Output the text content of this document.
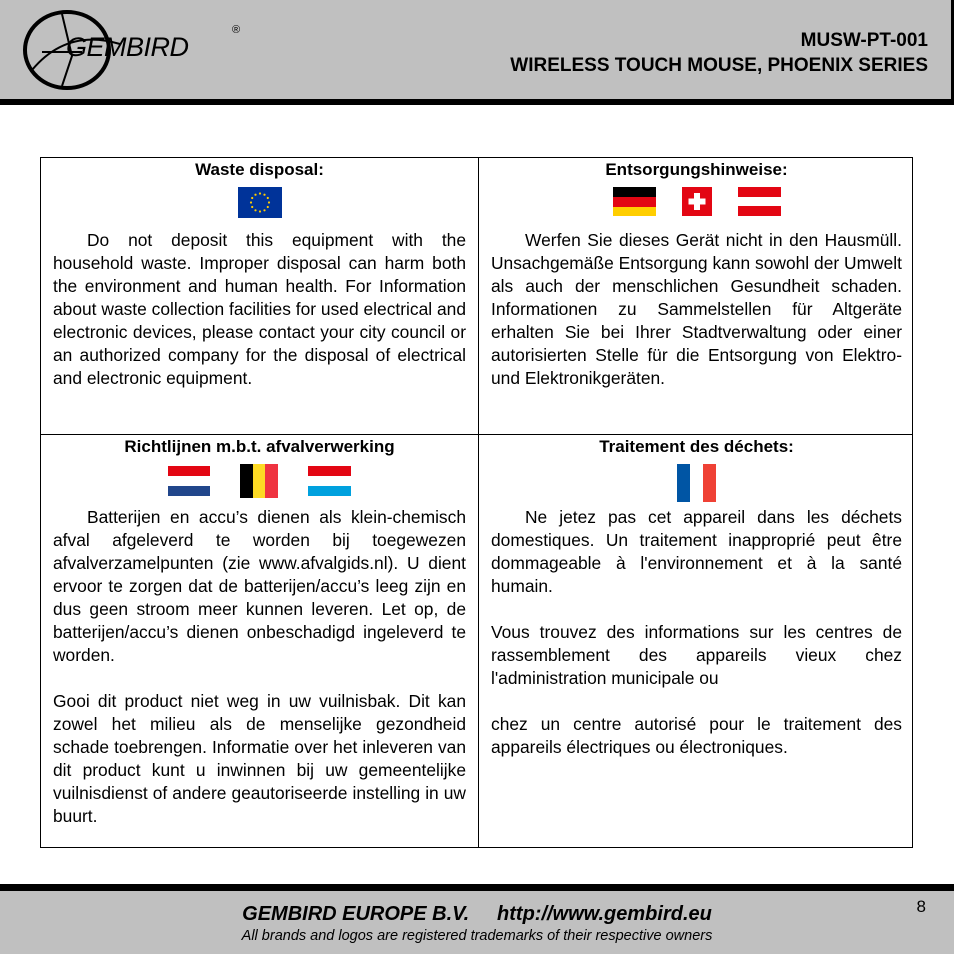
GEMBIRD
®	MUSW-PT-001
WIRELESS TOUCH MOUSE, PHOENIX SERIES
Waste disposal:

Do not deposit this equipment with the household waste. Improper disposal can harm both the environment and human health. For Information about waste collection facilities for used electrical and electronic devices, please contact your city council or an authorized company for the disposal of electrical and electronic equipment.

Entsorgungshinweise:

Werfen Sie dieses Gerät nicht in den Hausmüll. Unsachgemäße Entsorgung kann sowohl der Umwelt als auch der menschlichen Gesundheit schaden. Informationen zu Sammelstellen für Altgeräte erhalten Sie bei Ihrer Stadtverwaltung oder einer autorisierten Stelle für die Entsorgung von Elektro-und Elektronikgeräten.

Richtlijnen m.b.t. afvalverwerking

Batterijen en accu’s dienen als klein-chemisch afval afgeleverd te worden bij toegewezen afvalverzamelpunten (zie www.afvalgids.nl). U dient ervoor te zorgen dat de batterijen/accu’s leeg zijn en dus geen stroom meer kunnen leveren. Let op, de batterijen/accu’s dienen onbeschadigd ingeleverd te worden.

Gooi dit product niet weg in uw vuilnisbak. Dit kan zowel het milieu als de menselijke gezondheid schade toebrengen. Informatie over het inleveren van dit product kunt u inwinnen bij uw gemeentelijke vuilnisdienst of andere geautoriseerde instelling in uw buurt.

Traitement des déchets:

Ne jetez pas cet appareil dans les déchets domestiques. Un traitement inapproprié peut être dommageable à l'environnement et à la santé humain.

Vous trouvez des informations sur les centres de rassemblement des appareils vieux chez l'administration municipale ou

chez un centre autorisé pour le traitement des appareils électriques ou électroniques.

GEMBIRD EUROPE B.V. http://www.gembird.eu
All brands and logos are registered trademarks of their respective owners
8
